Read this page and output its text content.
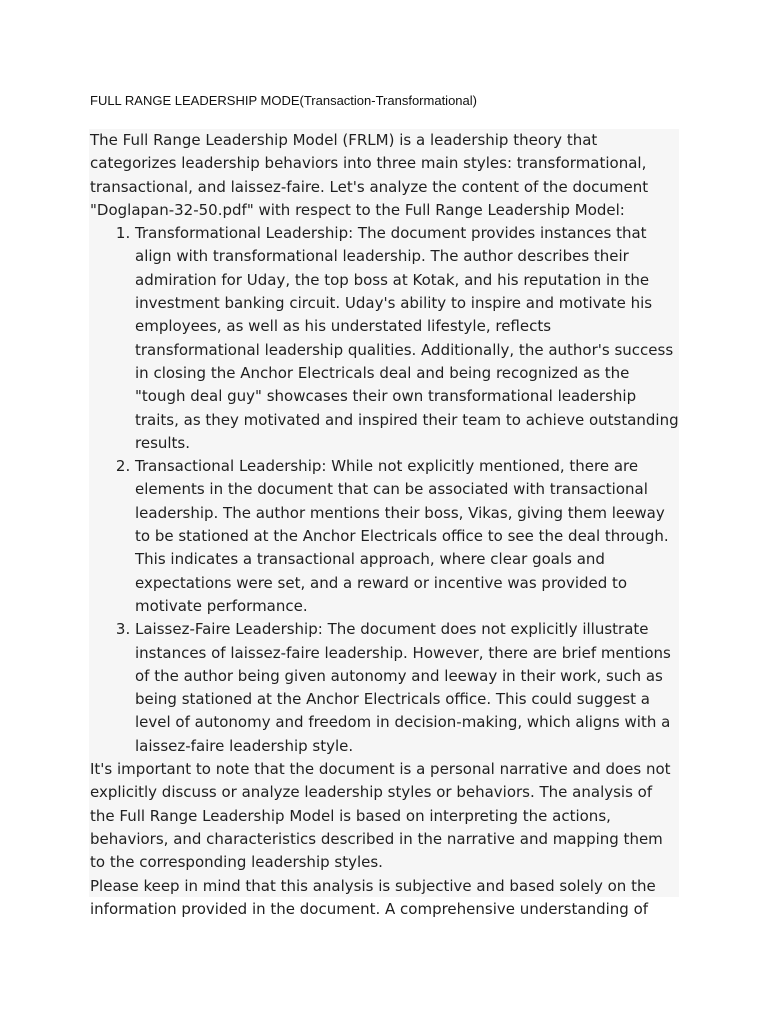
FULL RANGE LEADERSHIP MODE(Transaction-Transformational)

The Full Range Leadership Model (FRLM) is a leadership theory that categorizes leadership behaviors into three main styles: transformational, transactional, and laissez-faire. Let's analyze the content of the document "Doglapan-32-50.pdf" with respect to the Full Range Leadership Model:

1. Transformational Leadership: The document provides instances that align with transformational leadership. The author describes their admiration for Uday, the top boss at Kotak, and his reputation in the investment banking circuit. Uday's ability to inspire and motivate his employees, as well as his understated lifestyle, reflects transformational leadership qualities. Additionally, the author's success in closing the Anchor Electricals deal and being recognized as the "tough deal guy" showcases their own transformational leadership traits, as they motivated and inspired their team to achieve outstanding results.
2. Transactional Leadership: While not explicitly mentioned, there are elements in the document that can be associated with transactional leadership. The author mentions their boss, Vikas, giving them leeway to be stationed at the Anchor Electricals office to see the deal through. This indicates a transactional approach, where clear goals and expectations were set, and a reward or incentive was provided to motivate performance.
3. Laissez-Faire Leadership: The document does not explicitly illustrate instances of laissez-faire leadership. However, there are brief mentions of the author being given autonomy and leeway in their work, such as being stationed at the Anchor Electricals office. This could suggest a level of autonomy and freedom in decision-making, which aligns with a laissez-faire leadership style.

It's important to note that the document is a personal narrative and does not explicitly discuss or analyze leadership styles or behaviors. The analysis of the Full Range Leadership Model is based on interpreting the actions, behaviors, and characteristics described in the narrative and mapping them to the corresponding leadership styles.

Please keep in mind that this analysis is subjective and based solely on the information provided in the document. A comprehensive understanding of
